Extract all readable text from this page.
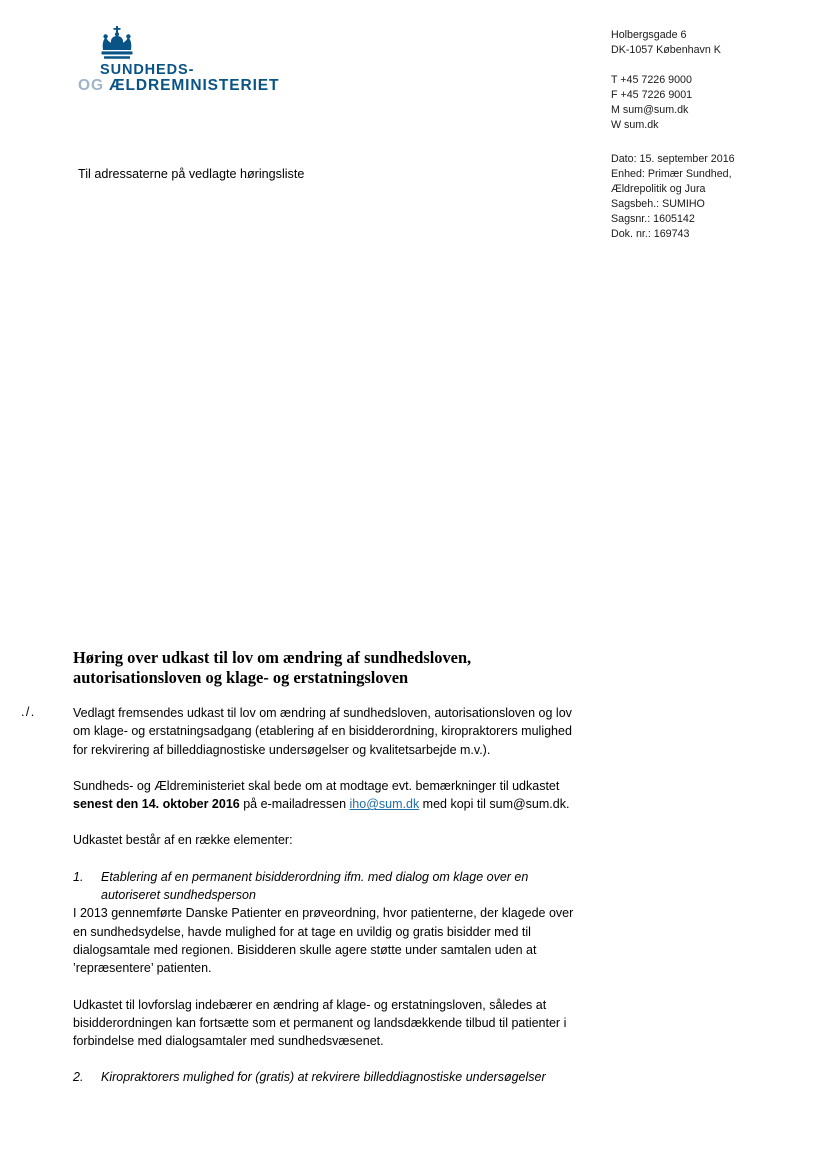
SUNDHEDS-
OG ÆLDREMINISTERIET
Holbergsgade 6
DK-1057 København K
T +45 7226 9000
F +45 7226 9001
M sum@sum.dk
W sum.dk
Dato: 15. september 2016
Enhed: Primær Sundhed,
Ældrepolitik og Jura
Sagsbeh.: SUMIHO
Sagsnr.: 1605142
Dok. nr.: 169743
Til adressaterne på vedlagte høringsliste
Høring over udkast til lov om ændring af sundhedsloven,
autorisationsloven og klage- og erstatningsloven
./.	Vedlagt fremsendes udkast til lov om ændring af sundhedsloven, autorisationsloven og lov om klage- og erstatningsadgang (etablering af en bisidderordning, kiropraktorers mulighed for rekvirering af billeddiagnostiske undersøgelser og kvalitetsarbejde m.v.).

Sundheds- og Ældreministeriet skal bede om at modtage evt. bemærkninger til udkastet senest den 14. oktober 2016 på e-mailadressen iho@sum.dk med kopi til sum@sum.dk.

Udkastet består af en række elementer:

1.	Etablering af en permanent bisidderordning ifm. med dialog om klage over en autoriseret sundhedsperson

I 2013 gennemførte Danske Patienter en prøveordning, hvor patienterne, der klagede over en sundhedsydelse, havde mulighed for at tage en uvildig og gratis bisidder med til dialogsamtale med regionen. Bisidderen skulle agere støtte under samtalen uden at ’repræsentere’ patienten.

Udkastet til lovforslag indebærer en ændring af klage- og erstatningsloven, således at bisidderordningen kan fortsætte som et permanent og landsdækkende tilbud til patienter i forbindelse med dialogsamtaler med sundhedsvæsenet.

2.	Kiropraktorers mulighed for (gratis) at rekvirere billeddiagnostiske undersøgelser
